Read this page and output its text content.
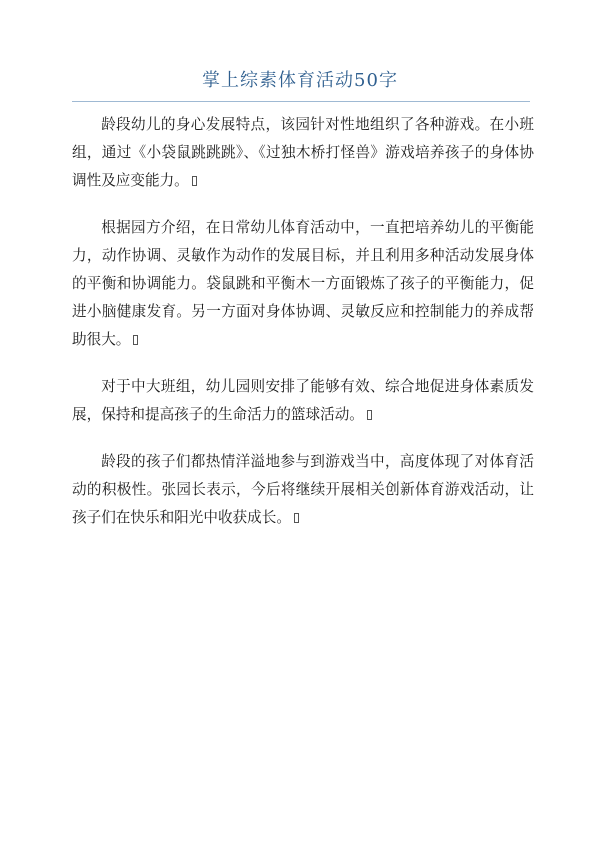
掌上综素体育活动50字

龄段幼儿的身心发展特点，该园针对性地组织了各种游戏。在小班组，通过《小袋鼠跳跳跳》、《过独木桥打怪兽》游戏培养孩子的身体协调性及应变能力。

根据园方介绍，在日常幼儿体育活动中，一直把培养幼儿的平衡能力，动作协调、灵敏作为动作的发展目标，并且利用多种活动发展身体的平衡和协调能力。袋鼠跳和平衡木一方面锻炼了孩子的平衡能力，促进小脑健康发育。另一方面对身体协调、灵敏反应和控制能力的养成帮助很大。

对于中大班组，幼儿园则安排了能够有效、综合地促进身体素质发展，保持和提高孩子的生命活力的篮球活动。

龄段的孩子们都热情洋溢地参与到游戏当中，高度体现了对体育活动的积极性。张园长表示，今后将继续开展相关创新体育游戏活动，让孩子们在快乐和阳光中收获成长。
